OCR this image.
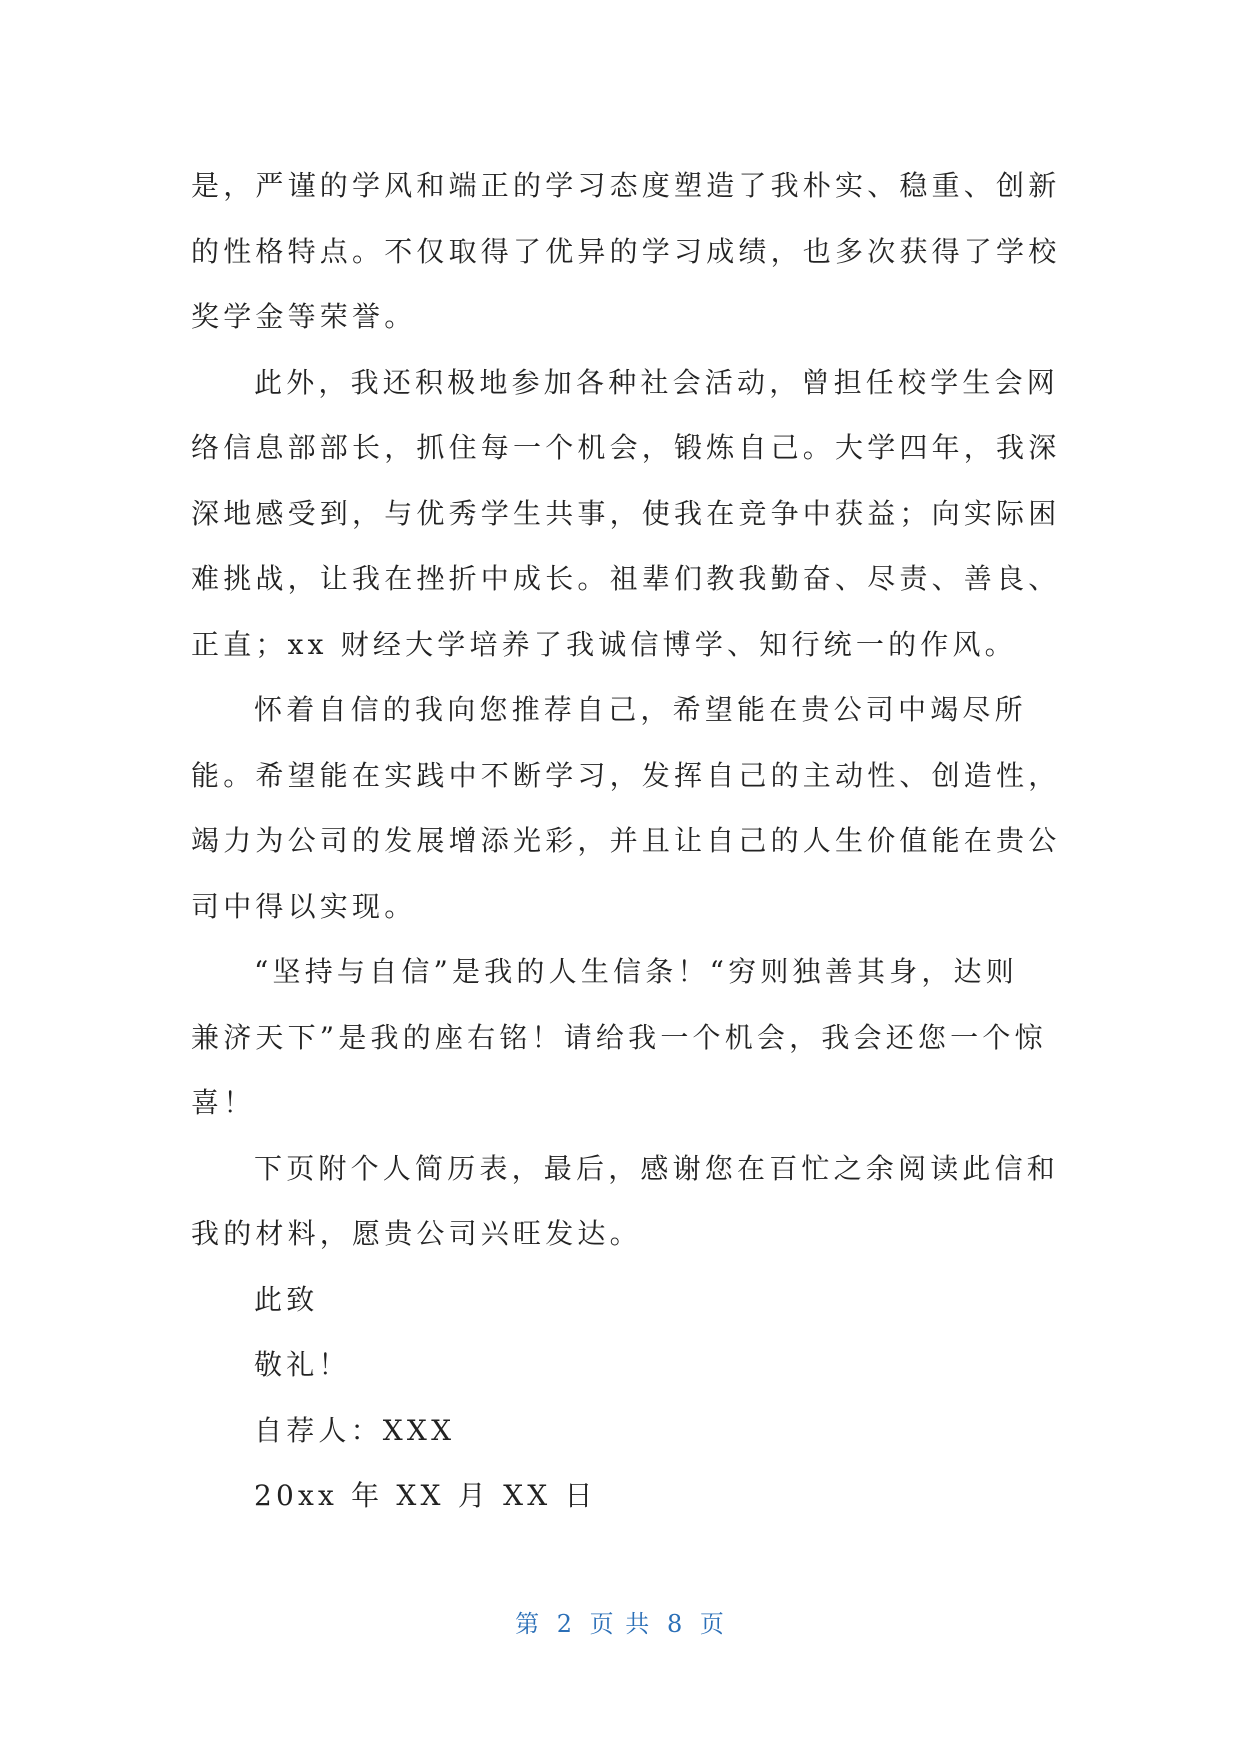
是，严谨的学风和端正的学习态度塑造了我朴实、稳重、创新
的性格特点。不仅取得了优异的学习成绩，也多次获得了学校
奖学金等荣誉。
此外，我还积极地参加各种社会活动，曾担任校学生会网
络信息部部长，抓住每一个机会，锻炼自己。大学四年，我深
深地感受到，与优秀学生共事，使我在竞争中获益；向实际困
难挑战，让我在挫折中成长。祖辈们教我勤奋、尽责、善良、
正直；xx 财经大学培养了我诚信博学、知行统一的作风。
怀着自信的我向您推荐自己，希望能在贵公司中竭尽所
能。希望能在实践中不断学习，发挥自己的主动性、创造性，
竭力为公司的发展增添光彩，并且让自己的人生价值能在贵公
司中得以实现。
“坚持与自信”是我的人生信条！“穷则独善其身，达则
兼济天下”是我的座右铭！请给我一个机会，我会还您一个惊
喜！
下页附个人简历表，最后，感谢您在百忙之余阅读此信和
我的材料，愿贵公司兴旺发达。
此致
敬礼！
自荐人：XXX
20xx 年 XX 月 XX 日
第 2 页 共 8 页
